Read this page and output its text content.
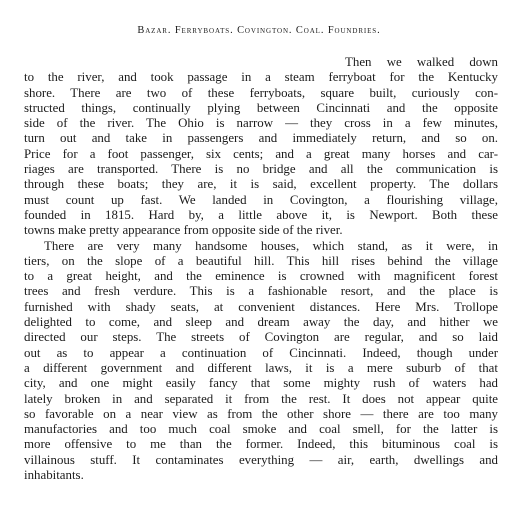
Bazar. Ferryboats. Covington. Coal. Foundries.
Then we walked down
to the river, and took passage in a steam ferryboat for the Kentucky
shore. There are two of these ferryboats, square built, curiously con-
structed things, continually plying between Cincinnati and the opposite
side of the river. The Ohio is narrow — they cross in a few minutes,
turn out and take in passengers and immediately return, and so on.
Price for a foot passenger, six cents; and a great many horses and car-
riages are transported. There is no bridge and all the communication is
through these boats; they are, it is said, excellent property. The dollars
must count up fast. We landed in Covington, a flourishing village,
founded in 1815. Hard by, a little above it, is Newport. Both these
towns make pretty appearance from opposite side of the river.
There are very many handsome houses, which stand, as it were, in
tiers, on the slope of a beautiful hill. This hill rises behind the village
to a great height, and the eminence is crowned with magnificent forest
trees and fresh verdure. This is a fashionable resort, and the place is
furnished with shady seats, at convenient distances. Here Mrs. Trollope
delighted to come, and sleep and dream away the day, and hither we
directed our steps. The streets of Covington are regular, and so laid
out as to appear a continuation of Cincinnati. Indeed, though under
a different government and different laws, it is a mere suburb of that
city, and one might easily fancy that some mighty rush of waters had
lately broken in and separated it from the rest. It does not appear quite
so favorable on a near view as from the other shore — there are too many
manufactories and too much coal smoke and coal smell, for the latter is
more offensive to me than the former. Indeed, this bituminous coal is
villainous stuff. It contaminates everything — air, earth, dwellings and
inhabitants.
